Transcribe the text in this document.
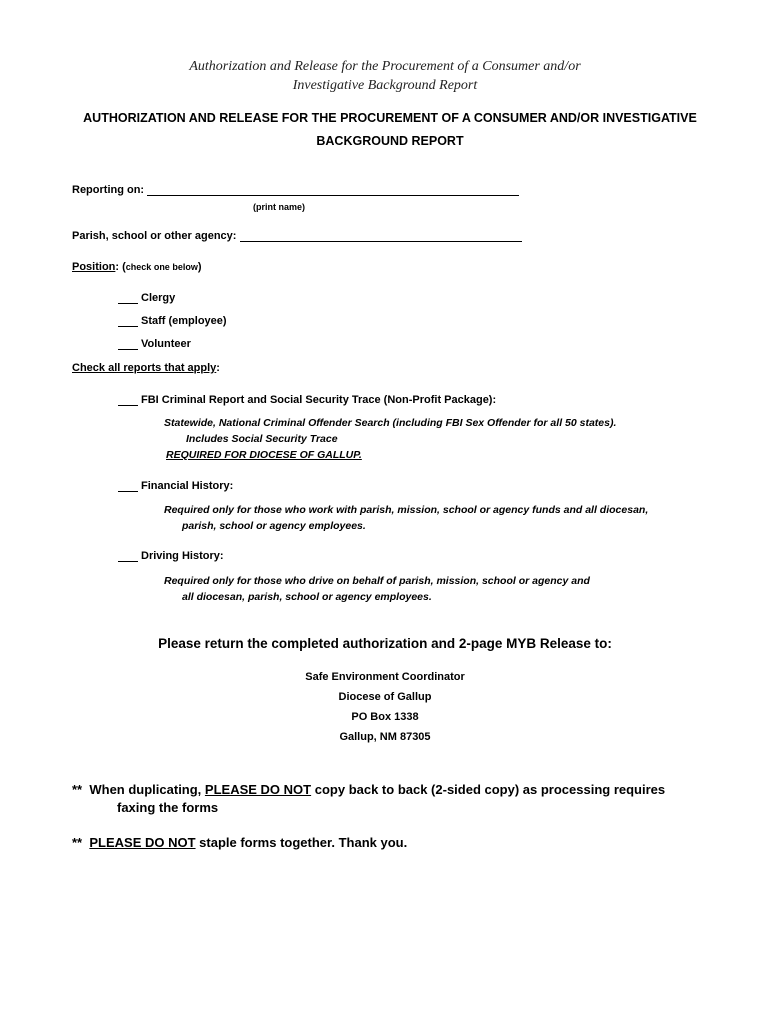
Authorization and Release for the Procurement of a Consumer and/or
Investigative Background Report
AUTHORIZATION AND RELEASE FOR THE PROCUREMENT OF A CONSUMER AND/OR INVESTIGATIVE
BACKGROUND REPORT
Reporting on:
(print name)
Parish, school or other agency:
Position: (check one below)
Clergy
Staff (employee)
Volunteer
Check all reports that apply:
FBI Criminal Report and Social Security Trace (Non-Profit Package):
Statewide, National Criminal Offender Search (including FBI Sex Offender for all 50 states).
Includes Social Security Trace
REQUIRED FOR DIOCESE OF GALLUP.
Financial History:
Required only for those who work with parish, mission, school or agency funds and all diocesan,
parish, school or agency employees.
Driving History:
Required only for those who drive on behalf of parish, mission, school or agency and
all diocesan, parish, school or agency employees.
Please return the completed authorization and 2-page MYB Release to:
Safe Environment Coordinator
Diocese of Gallup
PO Box 1338
Gallup, NM 87305
** When duplicating, PLEASE DO NOT copy back to back (2-sided copy) as processing requires
faxing the forms
** PLEASE DO NOT staple forms together. Thank you.
